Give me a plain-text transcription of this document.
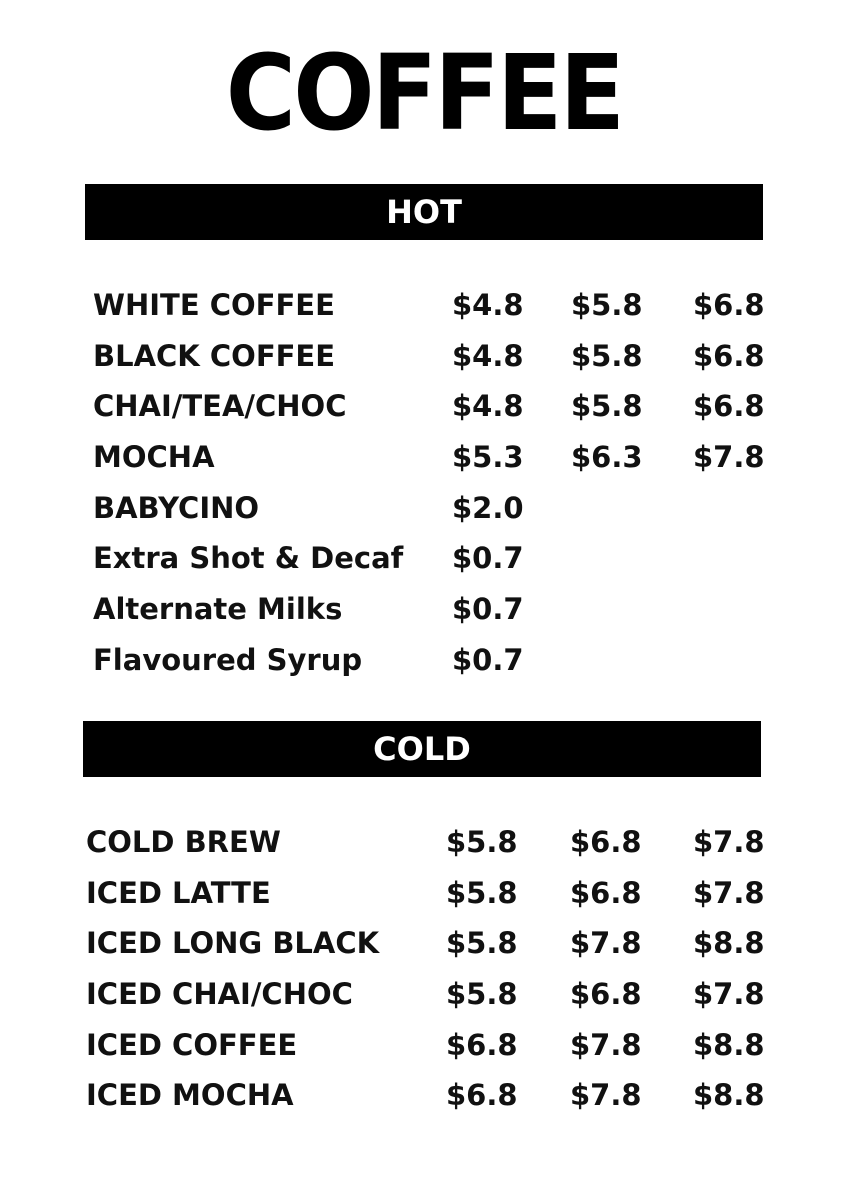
COFFEE
HOT
WHITE COFFEE	$4.8 $5.8 $6.8
BLACK COFFEE	$4.8 $5.8 $6.8
CHAI/TEA/CHOC	$4.8 $5.8 $6.8
MOCHA	$5.3 $6.3 $7.8
BABYCINO	$2.0
Extra Shot & Decaf $0.7
Alternate Milks	$0.7
Flavoured Syrup	$0.7
COLD
COLD BREW	$5.8 $6.8 $7.8
ICED LATTE	$5.8 $6.8 $7.8
ICED LONG BLACK $5.8 $7.8 $8.8
ICED CHAI/CHOC	$5.8 $6.8 $7.8
ICED COFFEE	$6.8 $7.8 $8.8
ICED MOCHA	$6.8 $7.8 $8.8
